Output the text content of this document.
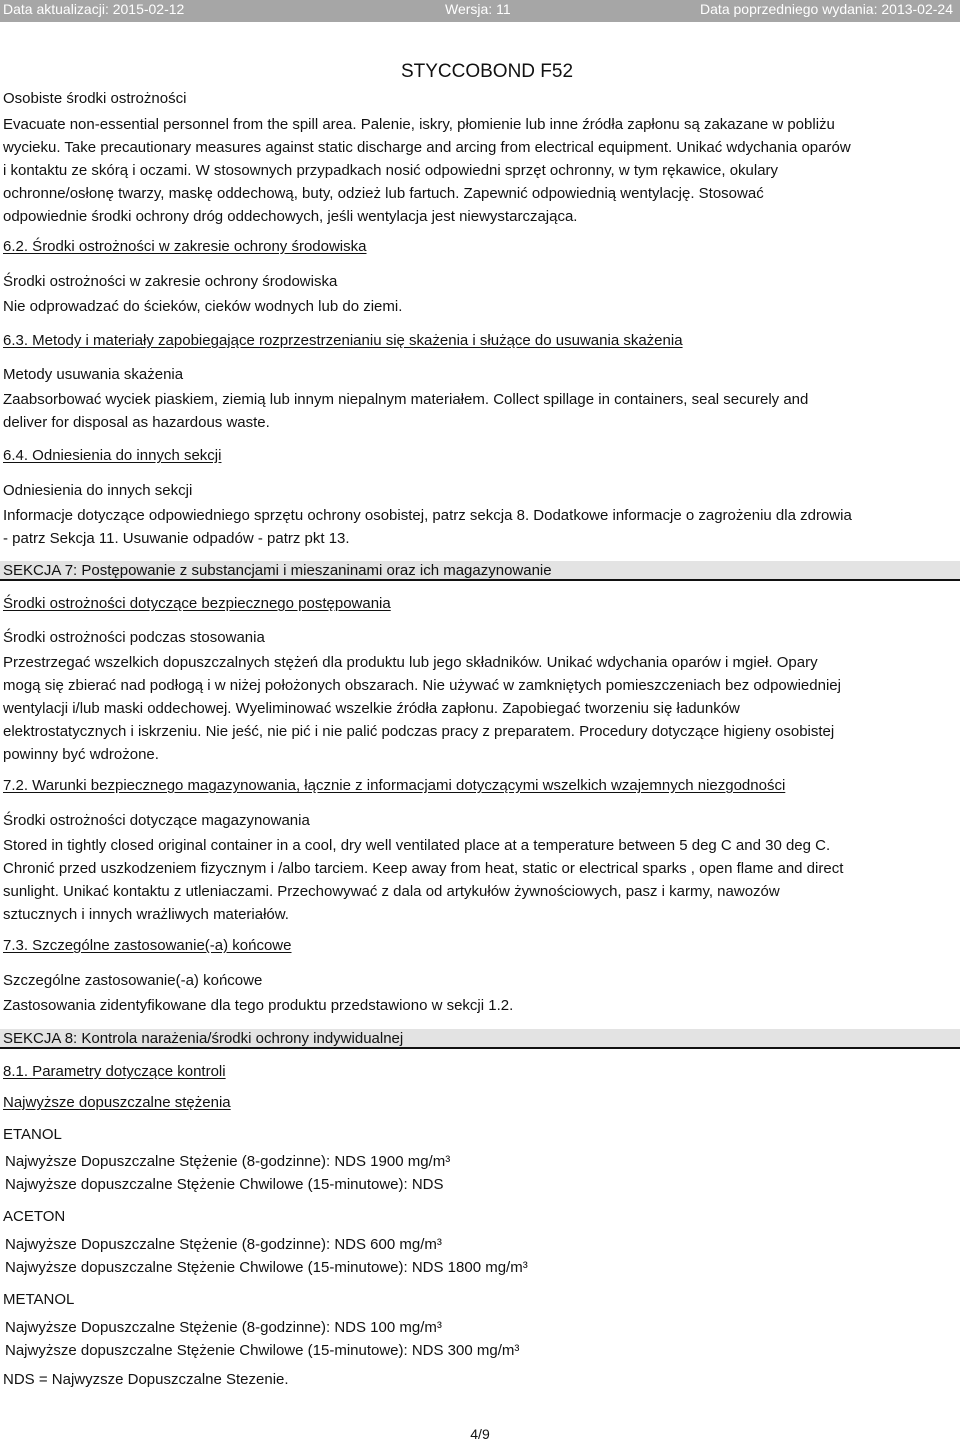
Data aktualizacji: 2015-02-12	Wersja: 11	Data poprzedniego wydania: 2013-02-24
STYCCOBOND F52
Osobiste środki ostrożności
Evacuate non-essential personnel from the spill area. Palenie, iskry, płomienie lub inne źródła zapłonu są zakazane w pobliżu
wycieku. Take precautionary measures against static discharge and arcing from electrical equipment. Unikać wdychania oparów
i kontaktu ze skórą i oczami. W stosownych przypadkach nosić odpowiedni sprzęt ochronny, w tym rękawice, okulary
ochronne/osłonę twarzy, maskę oddechową, buty, odzież lub fartuch. Zapewnić odpowiednią wentylację. Stosować
odpowiednie środki ochrony dróg oddechowych, jeśli wentylacja jest niewystarczająca.
6.2. Środki ostrożności w zakresie ochrony środowiska
Środki ostrożności w zakresie ochrony środowiska
Nie odprowadzać do ścieków, cieków wodnych lub do ziemi.
6.3. Metody i materiały zapobiegające rozprzestrzenianiu się skażenia i służące do usuwania skażenia
Metody usuwania skażenia
Zaabsorbować wyciek piaskiem, ziemią lub innym niepalnym materiałem. Collect spillage in containers, seal securely and
deliver for disposal as hazardous waste.
6.4. Odniesienia do innych sekcji
Odniesienia do innych sekcji
Informacje dotyczące odpowiedniego sprzętu ochrony osobistej, patrz sekcja 8. Dodatkowe informacje o zagrożeniu dla zdrowia
- patrz Sekcja 11. Usuwanie odpadów - patrz pkt 13.
SEKCJA 7: Postępowanie z substancjami i mieszaninami oraz ich magazynowanie
Środki ostrożności dotyczące bezpiecznego postępowania
Środki ostrożności podczas stosowania
Przestrzegać wszelkich dopuszczalnych stężeń dla produktu lub jego składników. Unikać wdychania oparów i mgieł. Opary
mogą się zbierać nad podłogą i w niżej położonych obszarach. Nie używać w zamkniętych pomieszczeniach bez odpowiedniej
wentylacji i/lub maski oddechowej. Wyeliminować wszelkie źródła zapłonu. Zapobiegać tworzeniu się ładunków
elektrostatycznych i iskrzeniu. Nie jeść, nie pić i nie palić podczas pracy z preparatem. Procedury dotyczące higieny osobistej
powinny być wdrożone.
7.2. Warunki bezpiecznego magazynowania, łącznie z informacjami dotyczącymi wszelkich wzajemnych niezgodności
Środki ostrożności dotyczące magazynowania
Stored in tightly closed original container in a cool, dry well ventilated place at a temperature between 5 deg C and 30 deg C.
Chronić przed uszkodzeniem fizycznym i /albo tarciem. Keep away from heat, static or electrical sparks , open flame and direct
sunlight. Unikać kontaktu z utleniaczami. Przechowywać z dala od artykułów żywnościowych, pasz i karmy, nawozów
sztucznych i innych wrażliwych materiałów.
7.3. Szczególne zastosowanie(-a) końcowe
Szczególne zastosowanie(-a) końcowe
Zastosowania zidentyfikowane dla tego produktu przedstawiono w sekcji 1.2.
SEKCJA 8: Kontrola narażenia/środki ochrony indywidualnej
8.1. Parametry dotyczące kontroli
Najwyższe dopuszczalne stężenia
ETANOL
Najwyższe Dopuszczalne Stężenie (8-godzinne): NDS 1900 mg/m³
Najwyższe dopuszczalne Stężenie Chwilowe (15-minutowe): NDS
ACETON
Najwyższe Dopuszczalne Stężenie (8-godzinne): NDS 600 mg/m³
Najwyższe dopuszczalne Stężenie Chwilowe (15-minutowe): NDS 1800 mg/m³
METANOL
Najwyższe Dopuszczalne Stężenie (8-godzinne): NDS 100 mg/m³
Najwyższe dopuszczalne Stężenie Chwilowe (15-minutowe): NDS 300 mg/m³
NDS = Najwyzsze Dopuszczalne Stezenie.
4/9
